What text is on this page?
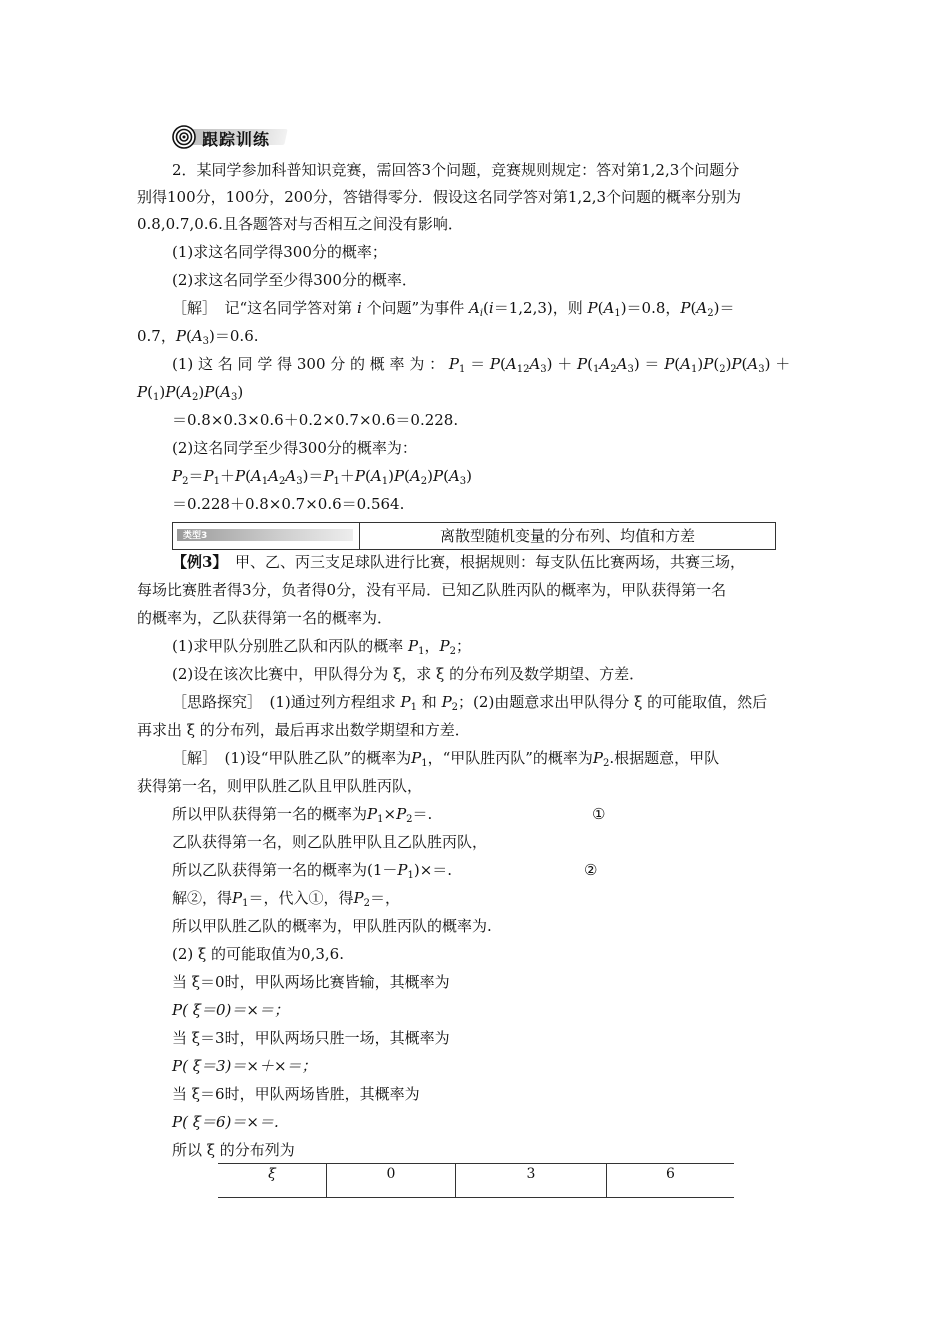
跟踪训练
2．某同学参加科普知识竞赛，需回答3个问题，竞赛规则规定：答对第1,2,3个问题分
别得100分，100分，200分，答错得零分．假设这名同学答对第1,2,3个问题的概率分别为
0.8,0.7,0.6.且各题答对与否相互之间没有影响．
(1)求这名同学得300分的概率；
(2)求这名同学至少得300分的概率．
［解］　记“这名同学答对第 i 个问题”为事件 $A_i(i=1,2,3)$，则 $P(A_1)=0.8$，$P(A_2)=$
0.7，$P(A_3)=0.6$.
(1) 这 名 同 学 得 300 分 的 概 率 为 ： $P_1 = P(A_{12}A_3) + P(_1A_2A_3) = P(A_1)P(_2)P(A_3)$ ＋
$P(_1)P(A_2)P(A_3)$
＝0.8×0.3×0.6＋0.2×0.7×0.6＝0.228.
(2)这名同学至少得300分的概率为：
$P_2=P_1+P(A_1A_2A_3)=P_1+P(A_1)P(A_2)P(A_3)$
＝0.228＋0.8×0.7×0.6＝0.564.
类型3	离散型随机变量的分布列、均值和方差
【例3】　甲、乙、丙三支足球队进行比赛，根据规则：每支队伍比赛两场，共赛三场，
每场比赛胜者得3分，负者得0分，没有平局．已知乙队胜丙队的概率为，甲队获得第一名
的概率为，乙队获得第一名的概率为．
(1)求甲队分别胜乙队和丙队的概率 $P_1$，$P_2$；
(2)设在该次比赛中，甲队得分为 ξ，求 ξ 的分布列及数学期望、方差．
［思路探究］　(1)通过列方程组求 $P_1$ 和 $P_2$；(2)由题意求出甲队得分 ξ 的可能取值，然后
再求出 ξ 的分布列，最后再求出数学期望和方差．
［解］　(1)设“甲队胜乙队”的概率为$P_1$，“甲队胜丙队”的概率为$P_2$.根据题意，甲队
获得第一名，则甲队胜乙队且甲队胜丙队，
所以甲队获得第一名的概率为$P_1\times P_2=$.	①
乙队获得第一名，则乙队胜甲队且乙队胜丙队，
所以乙队获得第一名的概率为$(1-P_1)\times=$.	②
解②，得$P_1=$，代入①，得$P_2=$，
所以甲队胜乙队的概率为，甲队胜丙队的概率为.
(2) ξ 的可能取值为0,3,6.
当 ξ＝0时，甲队两场比赛皆输，其概率为
P( ξ＝0)＝×＝；
当 ξ＝3时，甲队两场只胜一场，其概率为
P( ξ＝3)＝×＋×＝；
当 ξ＝6时，甲队两场皆胜，其概率为
P( ξ＝6)＝×＝.
所以 ξ 的分布列为
ξ	0	3	6
